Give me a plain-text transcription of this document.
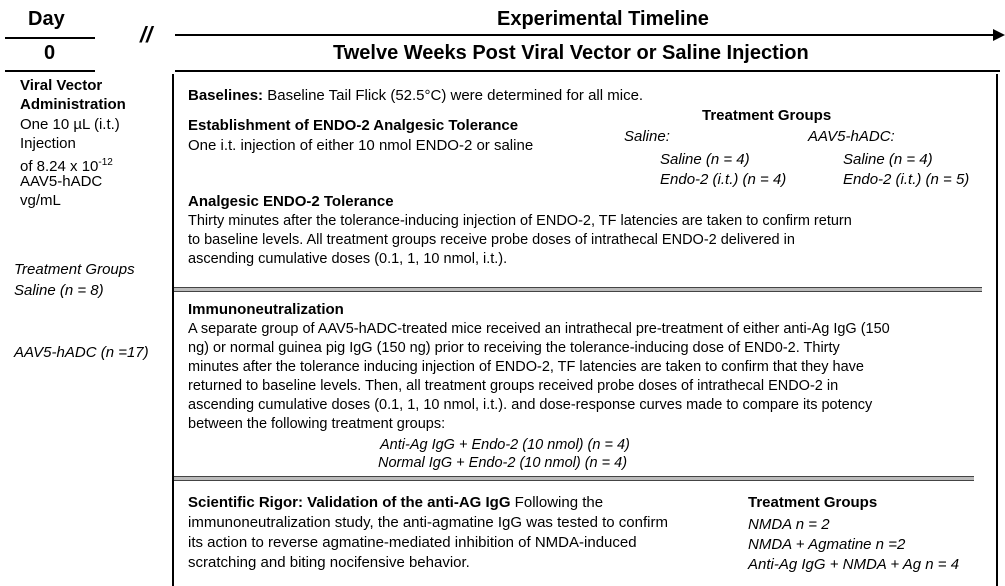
Day
0
//
Experimental Timeline
Twelve Weeks Post Viral Vector or Saline Injection
Viral Vector
Administration
One 10 µL (i.t.)
Injection
of 8.24 x $10^{-12}$
AAV5-hADC
vg/mL
Treatment Groups
Saline (n = 8)
AAV5-hADC (n =17)
Baselines: Baseline Tail Flick (52.5°C) were determined for all mice.
Establishment of ENDO-2 Analgesic Tolerance
One i.t. injection of either 10 nmol ENDO-2 or saline
Treatment Groups
Saline:	AAV5-hADC:
Saline (n = 4)
Endo-2 (i.t.) (n = 4)
Saline (n = 4)
Endo-2 (i.t.) (n = 5)
Analgesic ENDO-2 Tolerance
Thirty minutes after the tolerance-inducing injection of ENDO-2, TF latencies are taken to confirm return
to baseline levels. All treatment groups receive probe doses of intrathecal ENDO-2 delivered in
ascending cumulative doses (0.1, 1, 10 nmol, i.t.).
Immunoneutralization
A separate group of AAV5-hADC-treated mice received an intrathecal pre-treatment of either anti-Ag IgG (150
ng) or normal guinea pig IgG (150 ng) prior to receiving the tolerance-inducing dose of END0-2. Thirty
minutes after the tolerance inducing injection of ENDO-2, TF latencies are taken to confirm that they have
returned to baseline levels. Then, all treatment groups received probe doses of intrathecal ENDO-2 in
ascending cumulative doses (0.1, 1, 10 nmol, i.t.). and dose-response curves made to compare its potency
between the following treatment groups:
Anti-Ag IgG + Endo-2 (10 nmol) (n = 4)
Normal IgG + Endo-2 (10 nmol) (n = 4)
Scientific Rigor: Validation of the anti-AG IgG Following the
immunoneutralization study, the anti-agmatine IgG was tested to confirm
its action to reverse agmatine-mediated inhibition of NMDA-induced
scratching and biting nocifensive behavior.
Treatment Groups
NMDA n = 2
NMDA + Agmatine n =2
Anti-Ag IgG + NMDA + Ag n = 4
